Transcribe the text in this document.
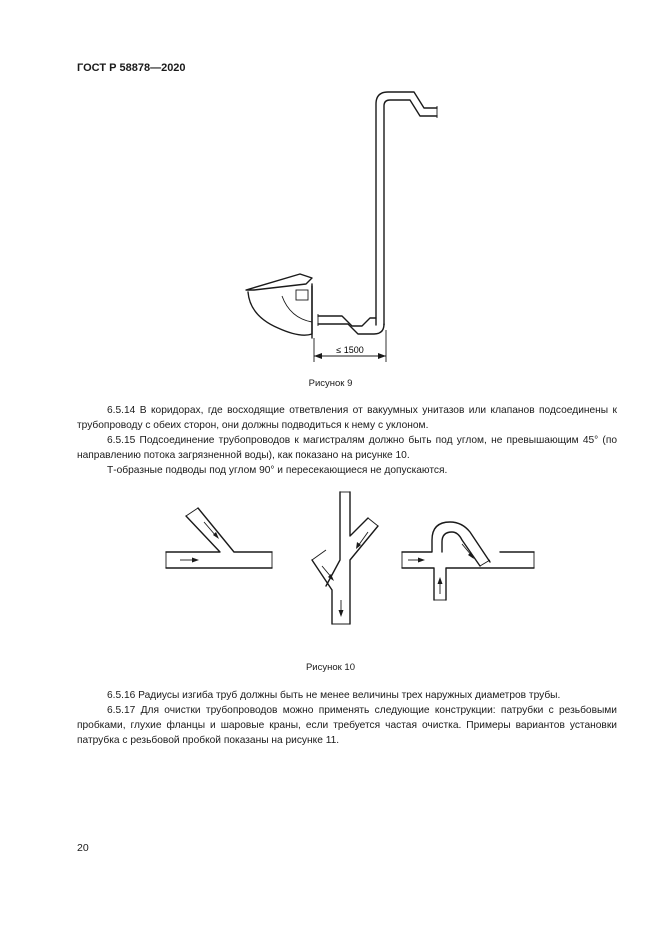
ГОСТ Р 58878—2020
≤ 1500
Рисунок 9

6.5.14 В коридорах, где восходящие ответвления от вакуумных унитазов или клапанов подсоединены к трубопроводу с обеих сторон, они должны подводиться к нему с уклоном.

6.5.15 Подсоединение трубопроводов к магистралям должно быть под углом, не превышающим 45° (по направлению потока загрязненной воды), как показано на рисунке 10.

Т-образные подводы под углом 90° и пересекающиеся не допускаются.

Рисунок 10

6.5.16 Радиусы изгиба труб должны быть не менее величины трех наружных диаметров трубы.

6.5.17 Для очистки трубопроводов можно применять следующие конструкции: патрубки с резьбовыми пробками, глухие фланцы и шаровые краны, если требуется частая очистка. Примеры вариантов установки патрубка с резьбовой пробкой показаны на рисунке 11.

20
